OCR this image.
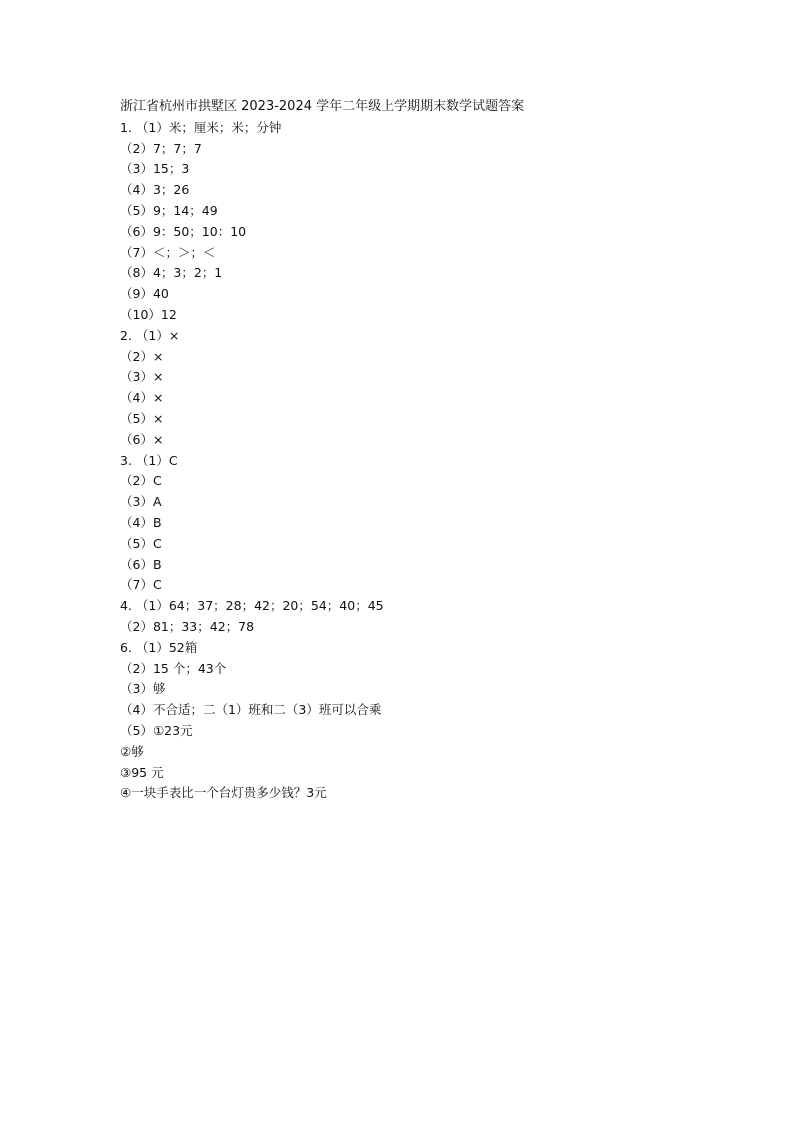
浙江省杭州市拱墅区 2023-2024 学年二年级上学期期末数学试题答案
1. （1）米；厘米；米；分钟
（2）7；7；7
（3）15；3
（4）3；26
（5）9；14；49
（6）9：50；10：10
（7）＜；＞；＜
（8）4；3；2；1
（9）40
（10）12
2. （1）×
（2）×
（3）×
（4）×
（5）×
（6）×
3. （1）C
（2）C
（3）A
（4）B
（5）C
（6）B
（7）C
4. （1）64；37；28；42；20；54；40；45
（2）81；33；42；78
6. （1）52箱
（2）15 个；43个
（3）够
（4）不合适；二（1）班和二（3）班可以合乘
（5）①23元
②够
③95 元
④一块手表比一个台灯贵多少钱？3元
